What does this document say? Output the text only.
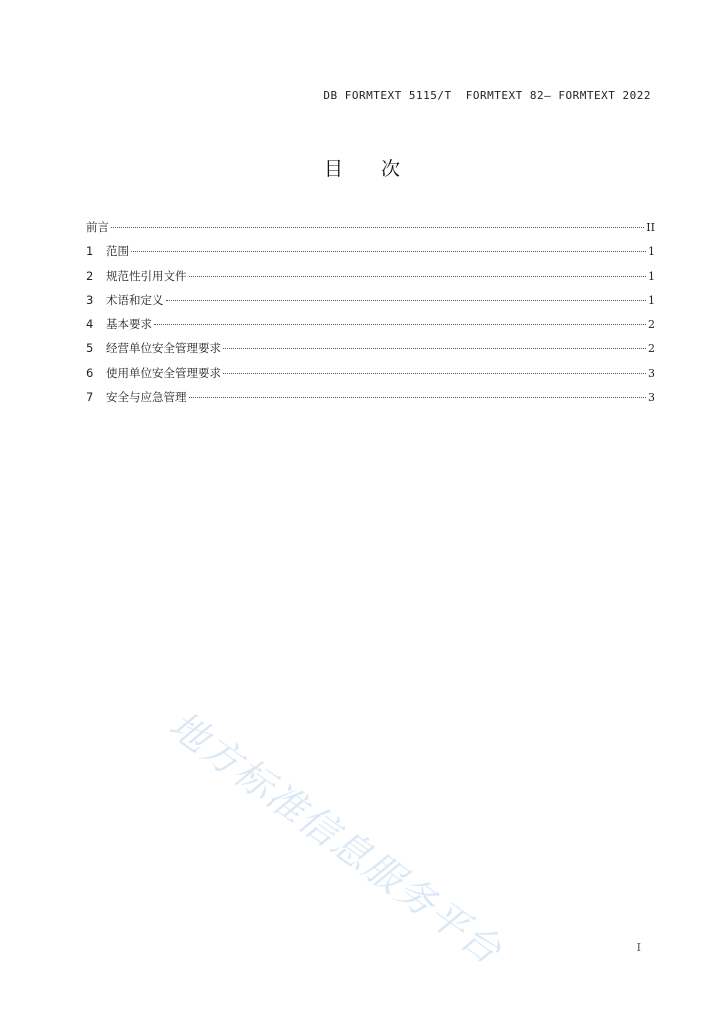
DB FORMTEXT 5115/T  FORMTEXT 82— FORMTEXT 2022
目 次
前言	II
1	范围	1
2	规范性引用文件	1
3	术语和定义	1
4	基本要求	2
5	经营单位安全管理要求	2
6	使用单位安全管理要求	3
7	安全与应急管理	3
地方标准信息服务平台	I
